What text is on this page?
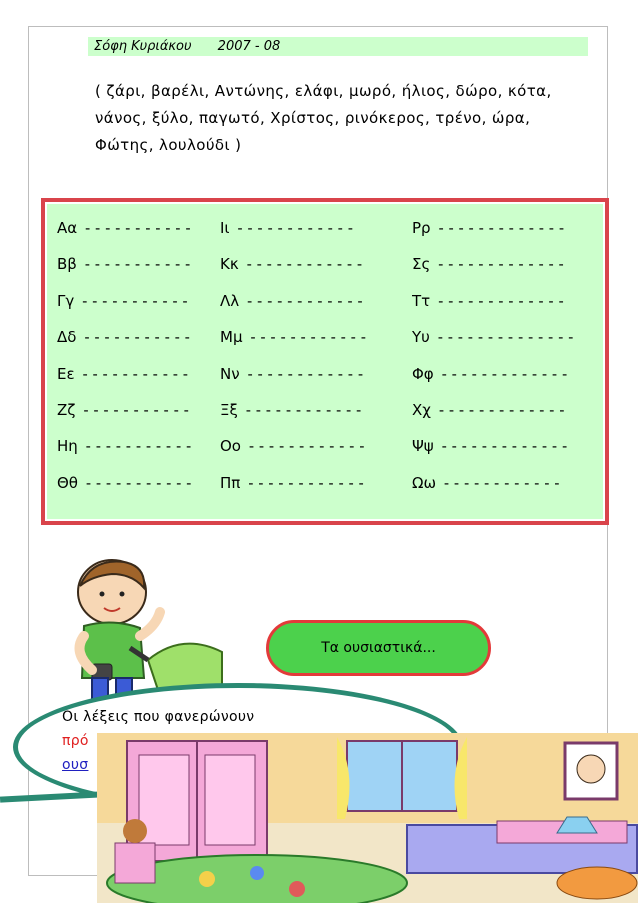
Σόφη Κυριάκου 2007 - 08
( ζάρι, βαρέλι, Αντώνης, ελάφι, μωρό, ήλιος, δώρο, κότα,
νάνος, ξύλο, παγωτό, Χρίστος, ρινόκερος, τρένο, ώρα,
Φώτης, λουλούδι )
Αα -----------	Ιι ------------	Ρρ -------------
Ββ -----------	Κκ ------------	Σς -------------
Γγ -----------	Λλ ------------	Ττ -------------
Δδ -----------	Μμ ------------	Υυ --------------
Εε -----------	Νν ------------	Φφ -------------
Ζζ -----------	Ξξ ------------	Χχ -------------
Ηη -----------	Οο ------------	Ψψ -------------
Θθ -----------	Ππ ------------	Ωω ------------
Τα ουσιαστικά...
Οι λέξεις που φανερώνουν
πρό
ουσ
